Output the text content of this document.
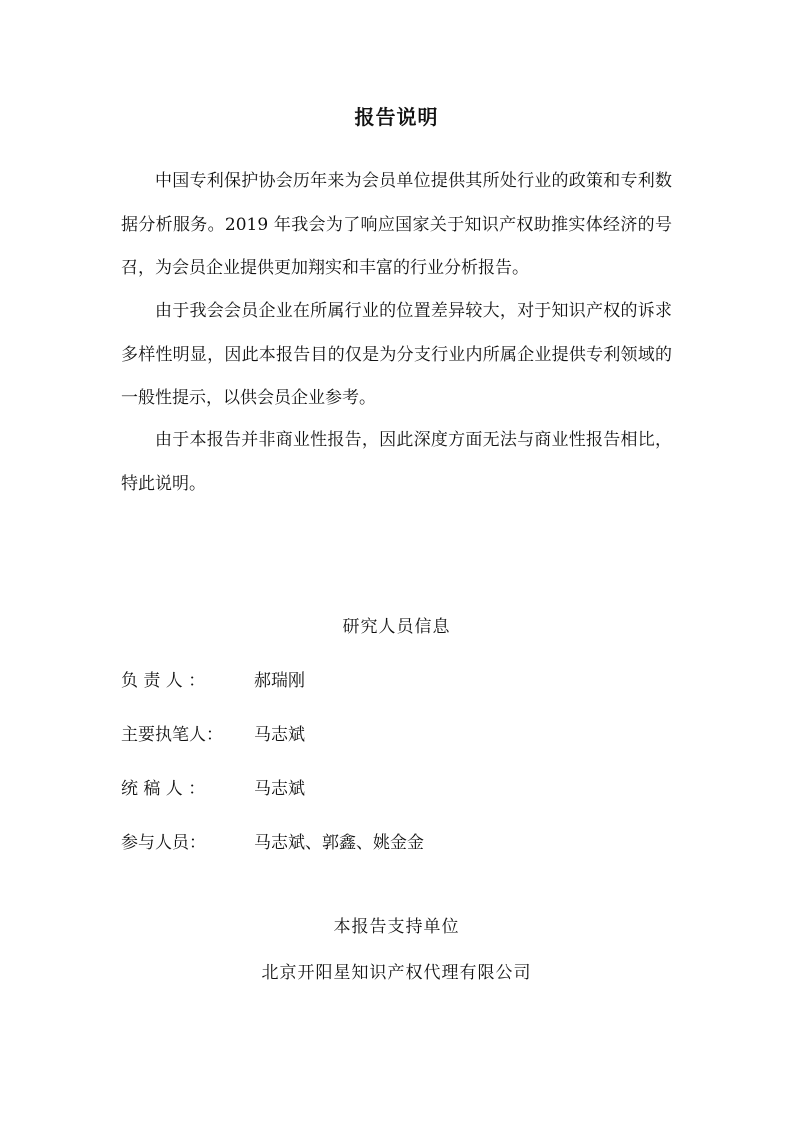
报告说明

中国专利保护协会历年来为会员单位提供其所处行业的政策和专利数据分析服务。2019 年我会为了响应国家关于知识产权助推实体经济的号召，为会员企业提供更加翔实和丰富的行业分析报告。

由于我会会员企业在所属行业的位置差异较大，对于知识产权的诉求多样性明显，因此本报告目的仅是为分支行业内所属企业提供专利领域的一般性提示，以供会员企业参考。

由于本报告并非商业性报告，因此深度方面无法与商业性报告相比，特此说明。

研究人员信息
负 责 人 ：	郝瑞刚
主要执笔人：	马志斌
统 稿 人 ：	马志斌
参与人员：	马志斌、郭鑫、姚金金
本报告支持单位
北京开阳星知识产权代理有限公司
